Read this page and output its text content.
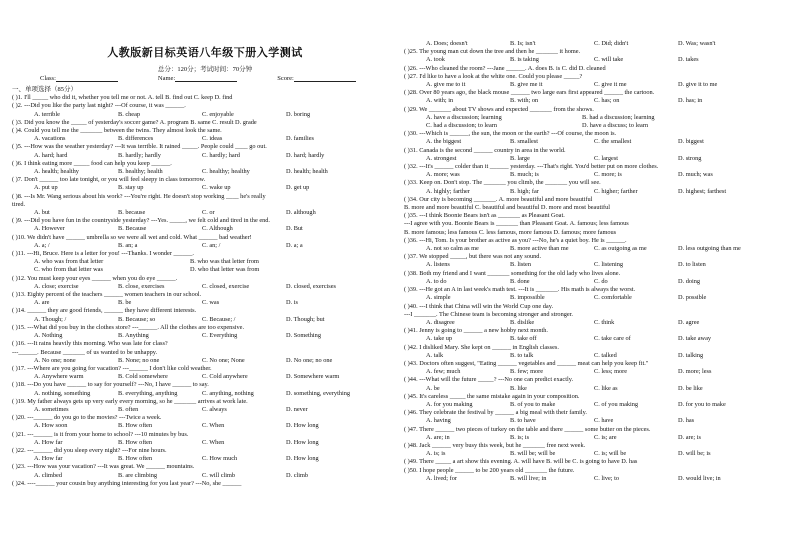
人教版新目标英语八年级下册入学测试
总分：120分；考试时间：70分钟
Class:	Name:	Score:
一、单项选择（85分）
( )1. I'll _____ who did it, whether you tell me or not. A. tell B. find out C. keep D. find
( )2. ---Did you like the party last night? ---Of course, it was ______.
A. terrible	B. cheap	C. enjoyable	D. boring
( )3. Did you know the _____ of yesterday's soccer game? A. program B. same C. result D. grade
( )4. Could you tell me the _______ between the twins. They almost look the same.
A. vacations	B. differences	C. ideas	D. families
( )5. ---How was the weather yesterday? ---It was terrible. It rained _____. People could ____ go out.
A. hard; hard	B. hardly; hardly	C. hardly; hard	D. hard; hardly
( )6. I think eating more _____ food can help you keep ______.
A. health; healthy	B. healthy; health	C. healthy; healthy	D. health; health
( )7. Don't ______ too late tonight, or you will feel sleepy in class tomorrow.
A. put up	B. stay up	C. wake up	D. get up
( )8. ---Is Mr. Wang serious about his work? ---You're right. He doesn't stop working ____ he's really
tired.
A. but	B. because	C. or	D. although
( )9. ---Did you have fun in the countryside yesterday? ---Yes. _____, we felt cold and tired in the end.
A. However	B. Because	C. Although	D. But
( )10. We didn't have ______ umbrella so we were all wet and cold. What ______ bad weather!
A. a; /	B. an; a	C. an; /	D. a; a
( )11. ---Hi, Bruce. Here is a letter for you! ---Thanks. I wonder ______.
A. who was from that letter	B. who was that letter from
C. who from that letter was	D. who that letter was from
( )12. You must keep your eyes ______ when you do eye ______.
A. close; exercise	B. close, exercises	C. closed, exercise	D. closed, exercises
( )13. Eighty percent of the teachers ______ women teachers in our school.
A. are	B. be	C. was	D. is
( )14. ______ they are good friends, ______ they have different interests.
A. Though; /	B. Because; so	C. Because; /	D. Though; but
( )15. ---What did you buy in the clothes store? ---______. All the clothes are too expensive.
A. Nothing	B. Anything	C. Everything	D. Something
( )16. ---It rains heavily this morning. Who was late for class?
---______. Because _______ of us wanted to be unhappy.
A. No one; none	B. None; no one	C. No one; None	D. No one; no one
( )17. ---Where are you going for vacation? ---______ I don't like cold weather.
A. Anywhere warm	B. Cold somewhere	C. Cold anywhere	D. Somewhere warm
( )18. ---Do you have ______ to say for yourself? ---No, I have ______ to say.
A. nothing, something	B. everything, anything	C. anything, nothing	D. something, everything
( )19. My father always gets up very early every morning, so he _______ arrives at work late.
A. sometimes	B. often	C. always	D. never
( )20. ---______ do you go to the movies? ---Twice a week.
A. How soon	B. How often	C. When	D. How long
( )21. ---______ is it from your home to school? ---10 minutes by bus.
A. How far	B. How often	C. When	D. How long
( )22. ---______ did you sleep every night? ---For nine hours.
A. How far	B. How often	C. How much	D. How long
( )23. ---How was your vacation? ---It was great. We ______ mountains.
A. climbed	B. are climbing	C. will climb	D. climb
( )24. ----______ your cousin buy anything interesting for you last year? ---No, she ______
A. Does; doesn't	B. Is; isn't	C. Did; didn't	D. Was; wasn't
( )25. The young man cut down the tree and then he _______ it home.
A. took	B. is taking	C. will take	D. takes
( )26. ---Who cleaned the room? ---Jane ______. A. does B. is C. did D. cleaned
( )27. I'd like to have a look at the white one. Could you please _____?
A. give me to it	B. give me it	C. give it me	D. give it to me
( )28. Over 80 years ago, the black mouse ______ two large ears first appeared ______ the cartoon.
A. with; in	B. with; on	C. has; on	D. has; in
( )29. We _______ about TV shows and expected _______ from the shows.
A. have a discussion; learning	B. had a discussion; learning
C. had a discussion; to learn	D. have a discuss; to learn
( )30. ---Which is ______, the sun, the moon or the earth? ---Of course, the moon is.
A. the biggest	B. smallest	C. the smallest	D. biggest
( )31. Canada is the second ______ country in area in the world.
A. strongest	B. large	C. largest	D. strong
( )32. ---It's ______ colder than it ______ yesterday. ---That's right. You'd better put on more clothes.
A. more; was	B. much; is	C. more; is	D. much; was
( )33. Keep on. Don't stop. The _______ you climb, the _______ you will see.
A. highly; farther	B. high; far	C. higher; farther	D. highest; farthest
( )34. Our city is becoming _______. A. more beautiful and more beautiful
B. more and more beautiful C. beautiful and beautiful D. more and most beautiful
( )35. ---I think Boonie Bears isn't as _______ as Pleasant Goat.
---I agree with you. Boonie Bears is _______ than Pleasant Goat. A. famous; less famous
B. more famous; less famous C. less famous, more famous D. famous; more famous
( )36. ---Hi, Tom. Is your brother as active as you? ---No, he's a quiet boy. He is ______.
A. not so calm as me	B. more active than me	C. as outgoing as me	D. less outgoing than me
( )37. We stopped _____, but there was not any sound.
A. listens	B. listen	C. listening	D. to listen
( )38. Both my friend and I want _______ something for the old lady who lives alone.
A. to do	B. done	C. do	D. doing
( )39. ---He got an A in last week's math test. ---It is _______. His math is always the worst.
A. simple	B. impossible	C. comfortable	D. possible
( )40. ---I think that China will win the World Cup one day.
---I _______. The Chinese team is becoming stronger and stronger.
A. disagree	B. dislike	C. think	D. agree
( )41. Jenny is going to ______ a new hobby next month.
A. take up	B. take off	C. take care of	D. take away
( )42. I disliked Mary. She kept on ______ in English classes.
A. talk	B. to talk	C. talked	D. talking
( )43. Doctors often suggest, "Eating ______ vegetables and ______ meat can help you keep fit."
A. few; much	B. few; more	C. less; more	D. more; less
( )44. ---What will the future _____? ---No one can predict exactly.
A. be	B. like	C. like as	D. be like
( )45. It's careless _____ the same mistake again in your composition.
A. for you making	B. of you to make	C. of you making	D. for you to make
( )46. They celebrate the festival by ______ a big meal with their family.
A. having	B. to have	C. have	D. has
( )47. There ______ two pieces of turkey on the table and there ______ some butter on the pieces.
A. are; in	B. is; is	C. is; are	D. are; is
( )48. Jack ______ very busy this week, but he _______ free next week.
A. is; is	B. will be; will be	C. is; will be	D. will be; is
( )49. There _____ a art show this evening. A. will have B. will be C. is going to have D. has
( )50. I hope people ______ to be 200 years old _______ the future.
A. lived; for	B. will live; in	C. live; to	D. would live; in
